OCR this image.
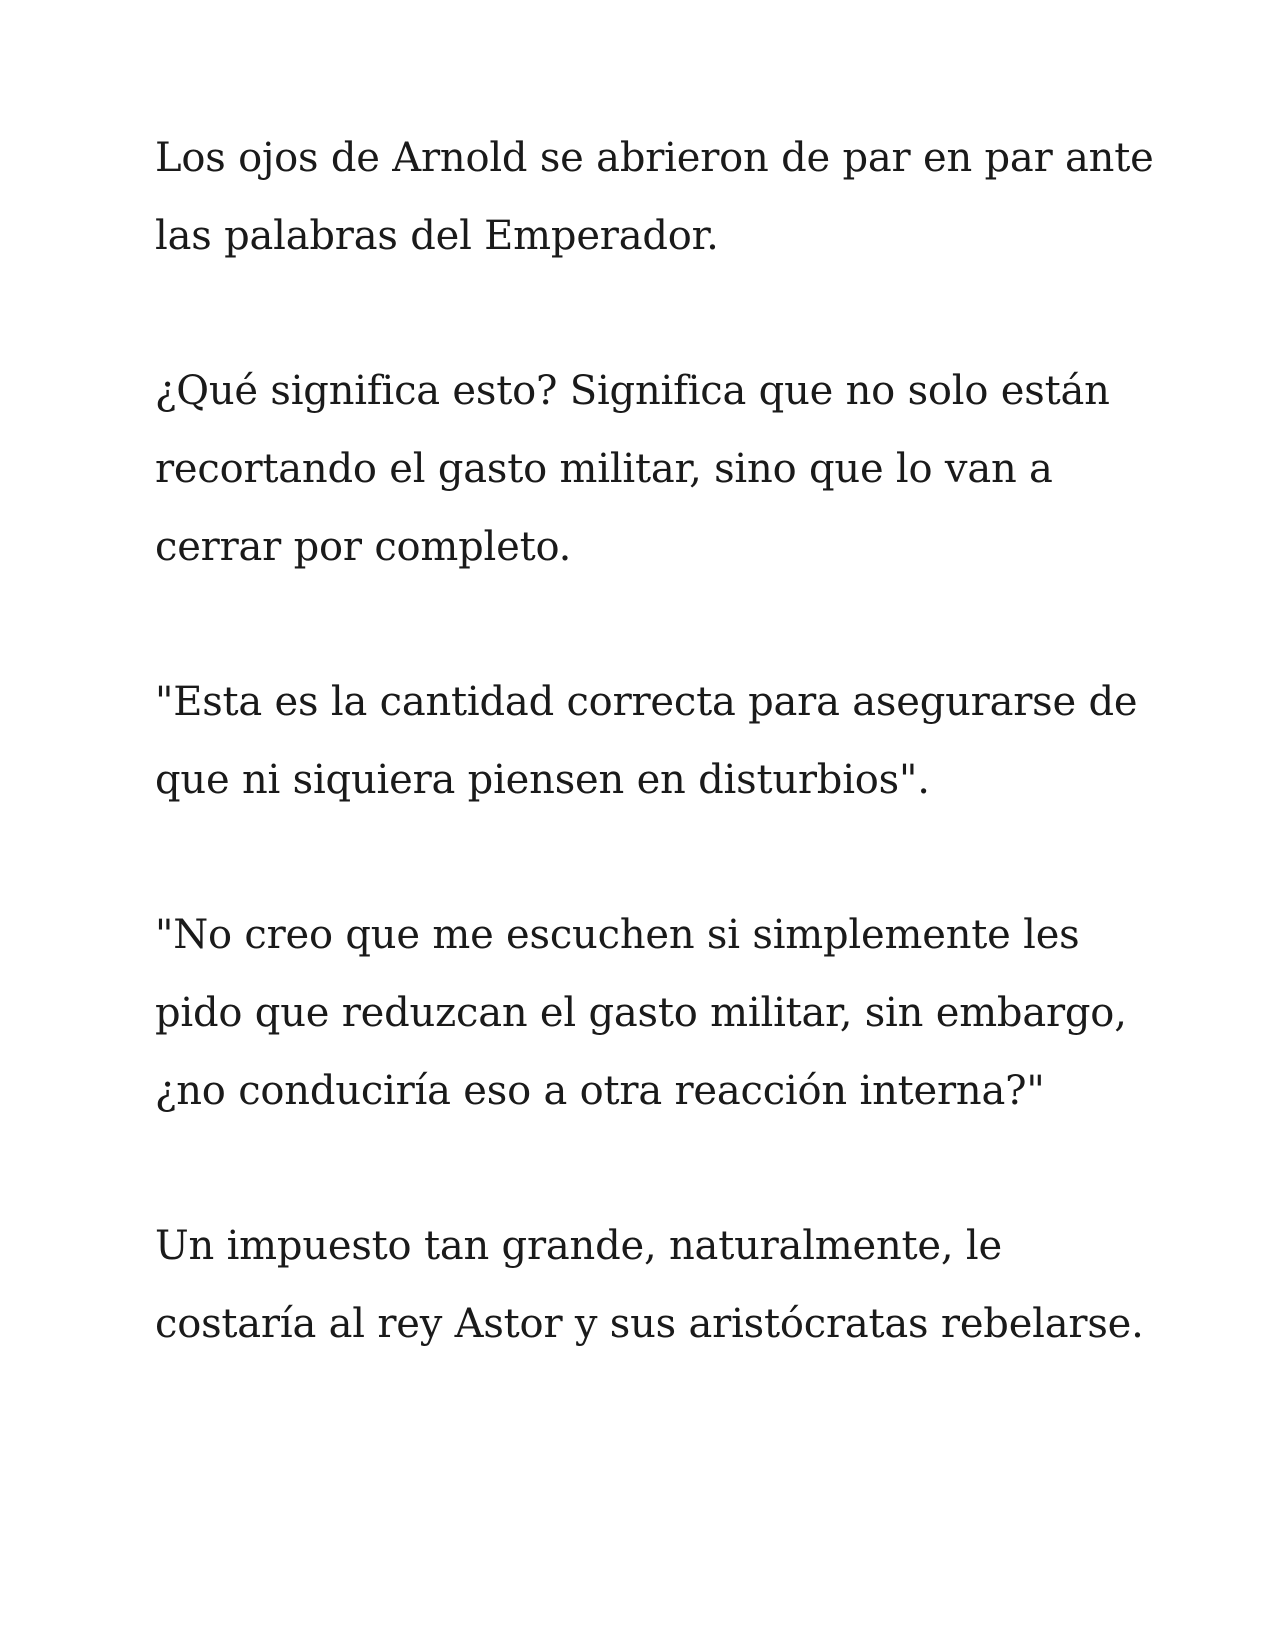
Los ojos de Arnold se abrieron de par en par ante
las palabras del Emperador.

¿Qué significa esto? Significa que no solo están
recortando el gasto militar, sino que lo van a
cerrar por completo.

"Esta es la cantidad correcta para asegurarse de
que ni siquiera piensen en disturbios".

"No creo que me escuchen si simplemente les
pido que reduzcan el gasto militar, sin embargo,
¿no conduciría eso a otra reacción interna?"

Un impuesto tan grande, naturalmente, le
costaría al rey Astor y sus aristócratas rebelarse.
